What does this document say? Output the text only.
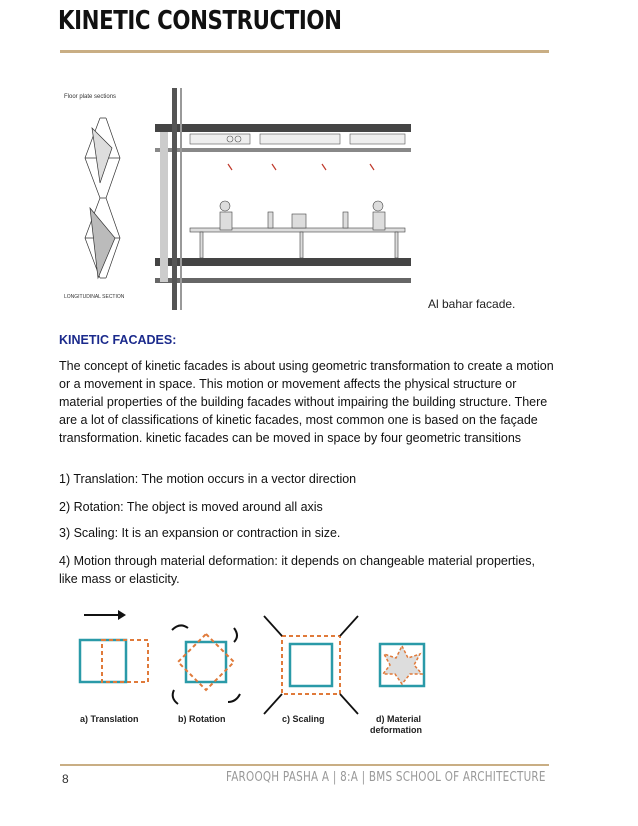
KINETIC CONSTRUCTION
Floor plate sections
LONGITUDINAL SECTION	Al bahar facade.
KINETIC FACADES:
The concept of kinetic facades is about using geometric transformation to create a motion or a movement in space. This motion or movement affects the physical structure or material properties of the building facades without impairing the building structure. There are a lot of classifications of kinetic facades, most common one is based on the façade transformation. kinetic facades can be moved in space by four geometric transitions
1) Translation: The motion occurs in a vector direction
2) Rotation: The object is moved around all axis
3) Scaling: It is an expansion or contraction in size.
4) Motion through material deformation: it depends on changeable material properties, like mass or elasticity.
a) Translation	b) Rotation	c) Scaling	d) Material
deformation
8	FAROOQH PASHA A | 8:A | BMS SCHOOL OF ARCHITECTURE
